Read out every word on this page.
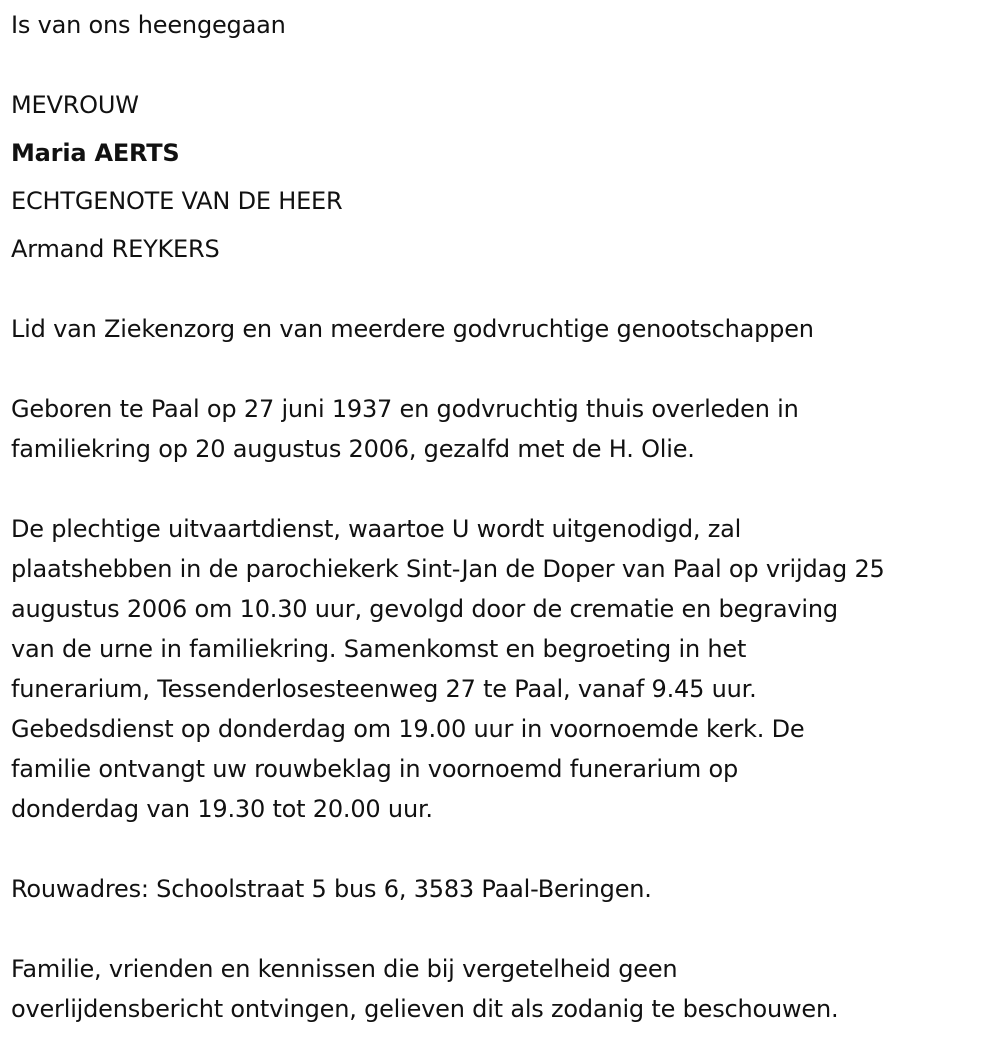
Is van ons heengegaan
MEVROUW
Maria AERTS
ECHTGENOTE VAN DE HEER
Armand REYKERS
Lid van Ziekenzorg en van meerdere godvruchtige genootschappen
Geboren te Paal op 27 juni 1937 en godvruchtig thuis overleden in
familiekring op 20 augustus 2006, gezalfd met de H. Olie.
De plechtige uitvaartdienst, waartoe U wordt uitgenodigd, zal
plaatshebben in de parochiekerk Sint-Jan de Doper van Paal op vrijdag 25
augustus 2006 om 10.30 uur, gevolgd door de crematie en begraving
van de urne in familiekring. Samenkomst en begroeting in het
funerarium, Tessenderlosesteenweg 27 te Paal, vanaf 9.45 uur.
Gebedsdienst op donderdag om 19.00 uur in voornoemde kerk. De
familie ontvangt uw rouwbeklag in voornoemd funerarium op
donderdag van 19.30 tot 20.00 uur.
Rouwadres: Schoolstraat 5 bus 6, 3583 Paal-Beringen.
Familie, vrienden en kennissen die bij vergetelheid geen
overlijdensbericht ontvingen, gelieven dit als zodanig te beschouwen.
